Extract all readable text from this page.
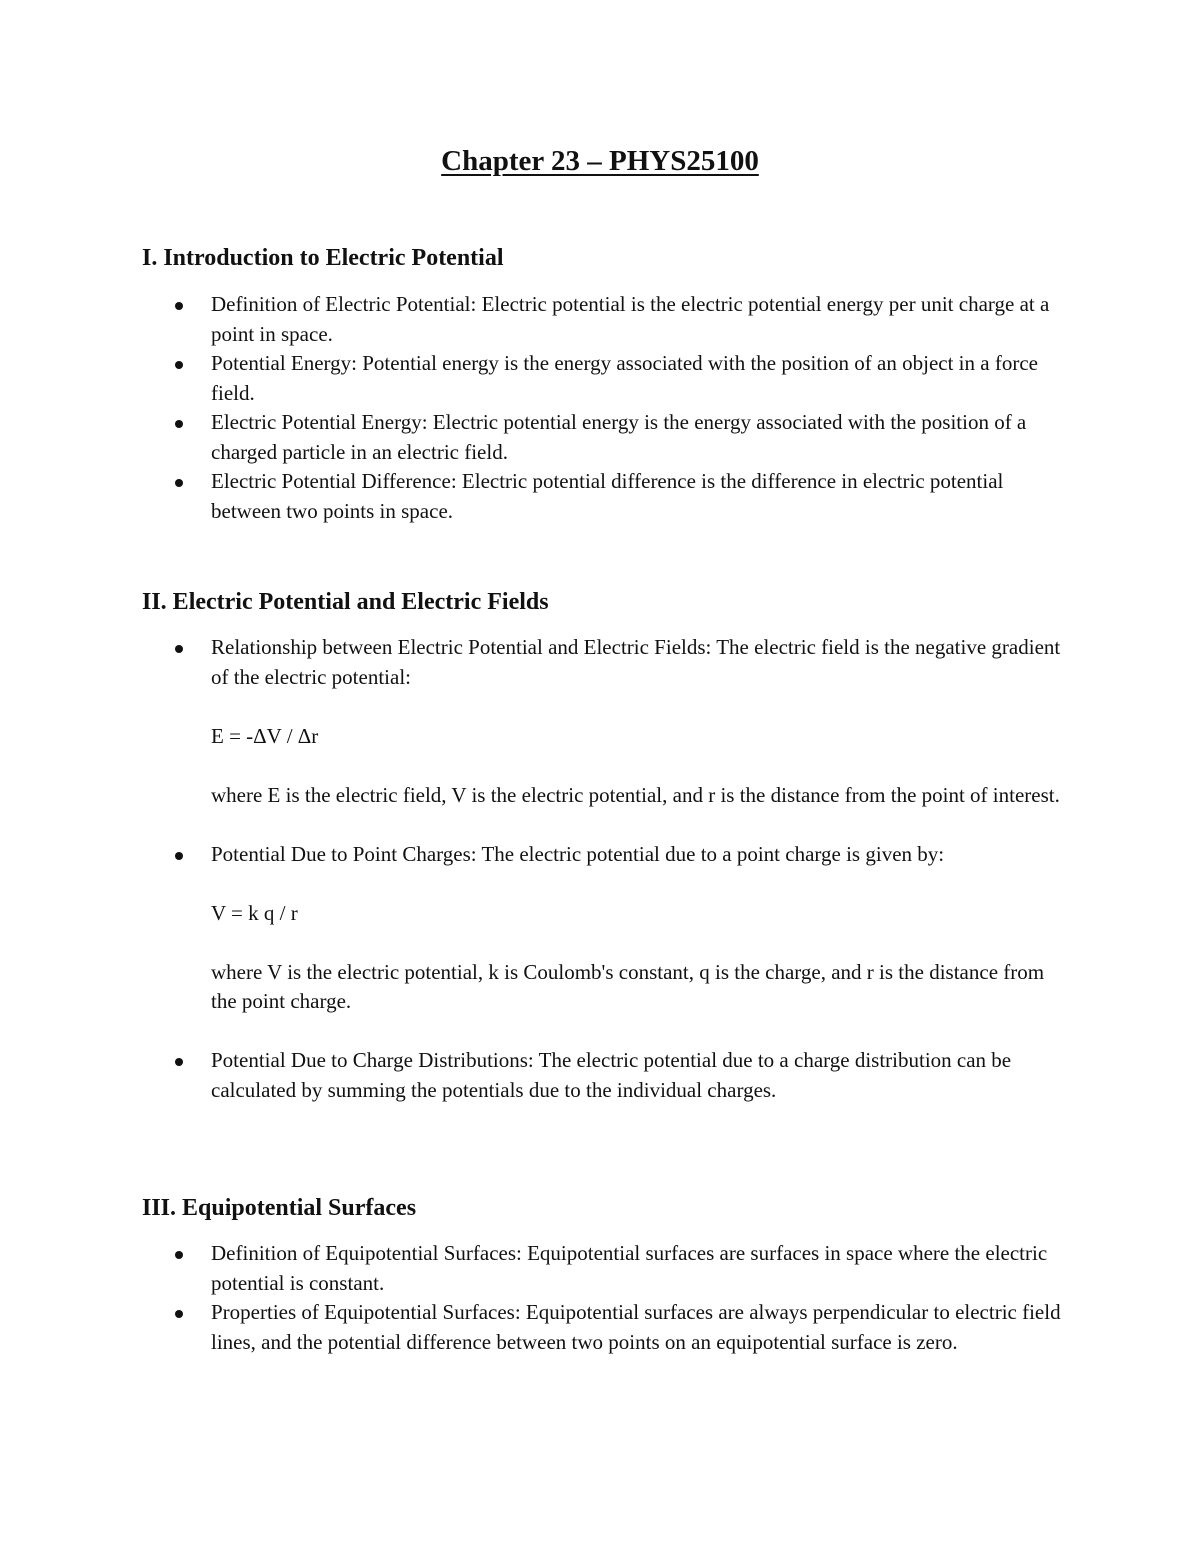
Chapter 23 – PHYS25100
I. Introduction to Electric Potential

Definition of Electric Potential: Electric potential is the electric potential energy per unit charge at a point in space.

Potential Energy: Potential energy is the energy associated with the position of an object in a force field.

Electric Potential Energy: Electric potential energy is the energy associated with the position of a charged particle in an electric field.

Electric Potential Difference: Electric potential difference is the difference in electric potential between two points in space.

II. Electric Potential and Electric Fields

Relationship between Electric Potential and Electric Fields: The electric field is the negative gradient of the electric potential:

E = -ΔV / Δr

where E is the electric field, V is the electric potential, and r is the distance from the point of interest.

Potential Due to Point Charges: The electric potential due to a point charge is given by:

V = k q / r

where V is the electric potential, k is Coulomb's constant, q is the charge, and r is the distance from the point charge.

Potential Due to Charge Distributions: The electric potential due to a charge distribution can be calculated by summing the potentials due to the individual charges.

III. Equipotential Surfaces

Definition of Equipotential Surfaces: Equipotential surfaces are surfaces in space where the electric potential is constant.

Properties of Equipotential Surfaces: Equipotential surfaces are always perpendicular to electric field lines, and the potential difference between two points on an equipotential surface is zero.
